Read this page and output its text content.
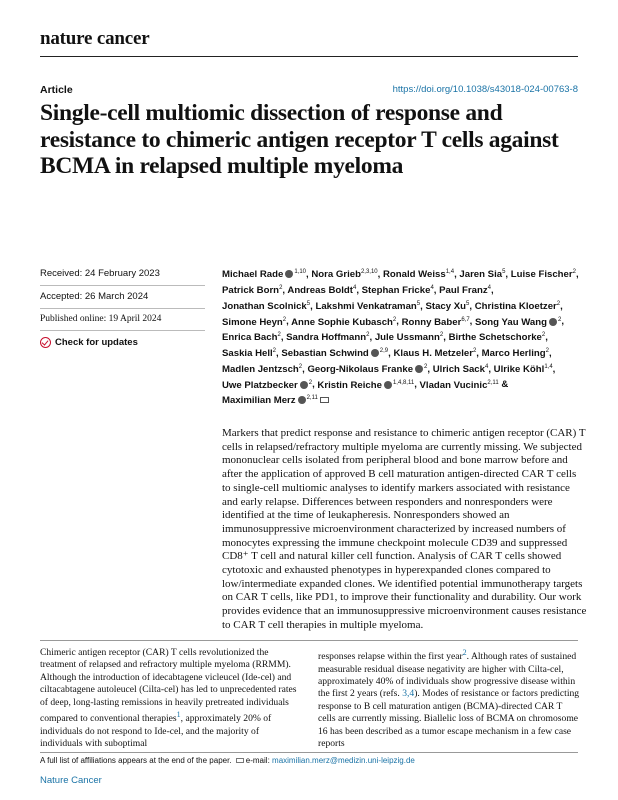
nature cancer
Article	https://doi.org/10.1038/s43018-024-00763-8
Single-cell multiomic dissection of response and resistance to chimeric antigen receptor T cells against BCMA in relapsed multiple myeloma
Received: 24 February 2023
Accepted: 26 March 2024
Published online: 19 April 2024
Check for updates
Michael Rade $^{1,10}$, Nora Grieb$^{2,3,10}$, Ronald Weiss$^{1,4}$, Jaren Sia$^5$, Luise Fischer$^2$, Patrick Born$^2$, Andreas Boldt$^4$, Stephan Fricke$^4$, Paul Franz$^4$, Jonathan Scolnick$^5$, Lakshmi Venkatraman$^5$, Stacy Xu$^5$, Christina Kloetzer$^2$, Simone Heyn$^2$, Anne Sophie Kubasch$^2$, Ronny Baber$^{6,7}$, Song Yau Wang $^2$, Enrica Bach$^2$, Sandra Hoffmann$^2$, Jule Ussmann$^2$, Birthe Schetschorke$^2$, Saskia Hell$^2$, Sebastian Schwind $^{2,9}$, Klaus H. Metzeler$^2$, Marco Herling$^2$, Madlen Jentzsch$^2$, Georg-Nikolaus Franke $^2$, Ulrich Sack$^4$, Ulrike Köhl$^{1,4}$, Uwe Platzbecker $^2$, Kristin Reiche $^{1,4,8,11}$, Vladan Vucinic$^{2,11}$ & Maximilian Merz $^{2,11}$

Markers that predict response and resistance to chimeric antigen receptor (CAR) T cells in relapsed/refractory multiple myeloma are currently missing. We subjected mononuclear cells isolated from peripheral blood and bone marrow before and after the application of approved B cell maturation antigen-directed CAR T cells to single-cell multiomic analyses to identify markers associated with resistance and early relapse. Differences between responders and nonresponders were identified at the time of leukapheresis. Nonresponders showed an immunosuppressive microenvironment characterized by increased numbers of monocytes expressing the immune checkpoint molecule CD39 and suppressed CD8⁺ T cell and natural killer cell function. Analysis of CAR T cells showed cytotoxic and exhausted phenotypes in hyperexpanded clones compared to low/intermediate expanded clones. We identified potential immunotherapy targets on CAR T cells, like PD1, to improve their functionality and durability. Our work provides evidence that an immunosuppressive microenvironment causes resistance to CAR T cell therapies in multiple myeloma.

Chimeric antigen receptor (CAR) T cells revolutionized the treatment of relapsed and refractory multiple myeloma (RRMM). Although the introduction of idecabtagene vicleucel (Ide-cel) and ciltacabtagene autoleucel (Cilta-cel) has led to unprecedented rates of deep, long-lasting remissions in heavily pretreated individuals compared to conventional therapies$^1$, approximately 20% of individuals do not respond to Ide-cel, and the majority of individuals with suboptimal

responses relapse within the first year$^2$. Although rates of sustained measurable residual disease negativity are higher with Cilta-cel, approximately 40% of individuals show progressive disease within the first 2 years (refs. 3,4). Modes of resistance or factors predicting response to B cell maturation antigen (BCMA)-directed CAR T cells are currently missing. Biallelic loss of BCMA on chromosome 16 has been described as a tumor escape mechanism in a few case reports

A full list of affiliations appears at the end of the paper. e-mail: maximilian.merz@medizin.uni-leipzig.de
Nature Cancer
